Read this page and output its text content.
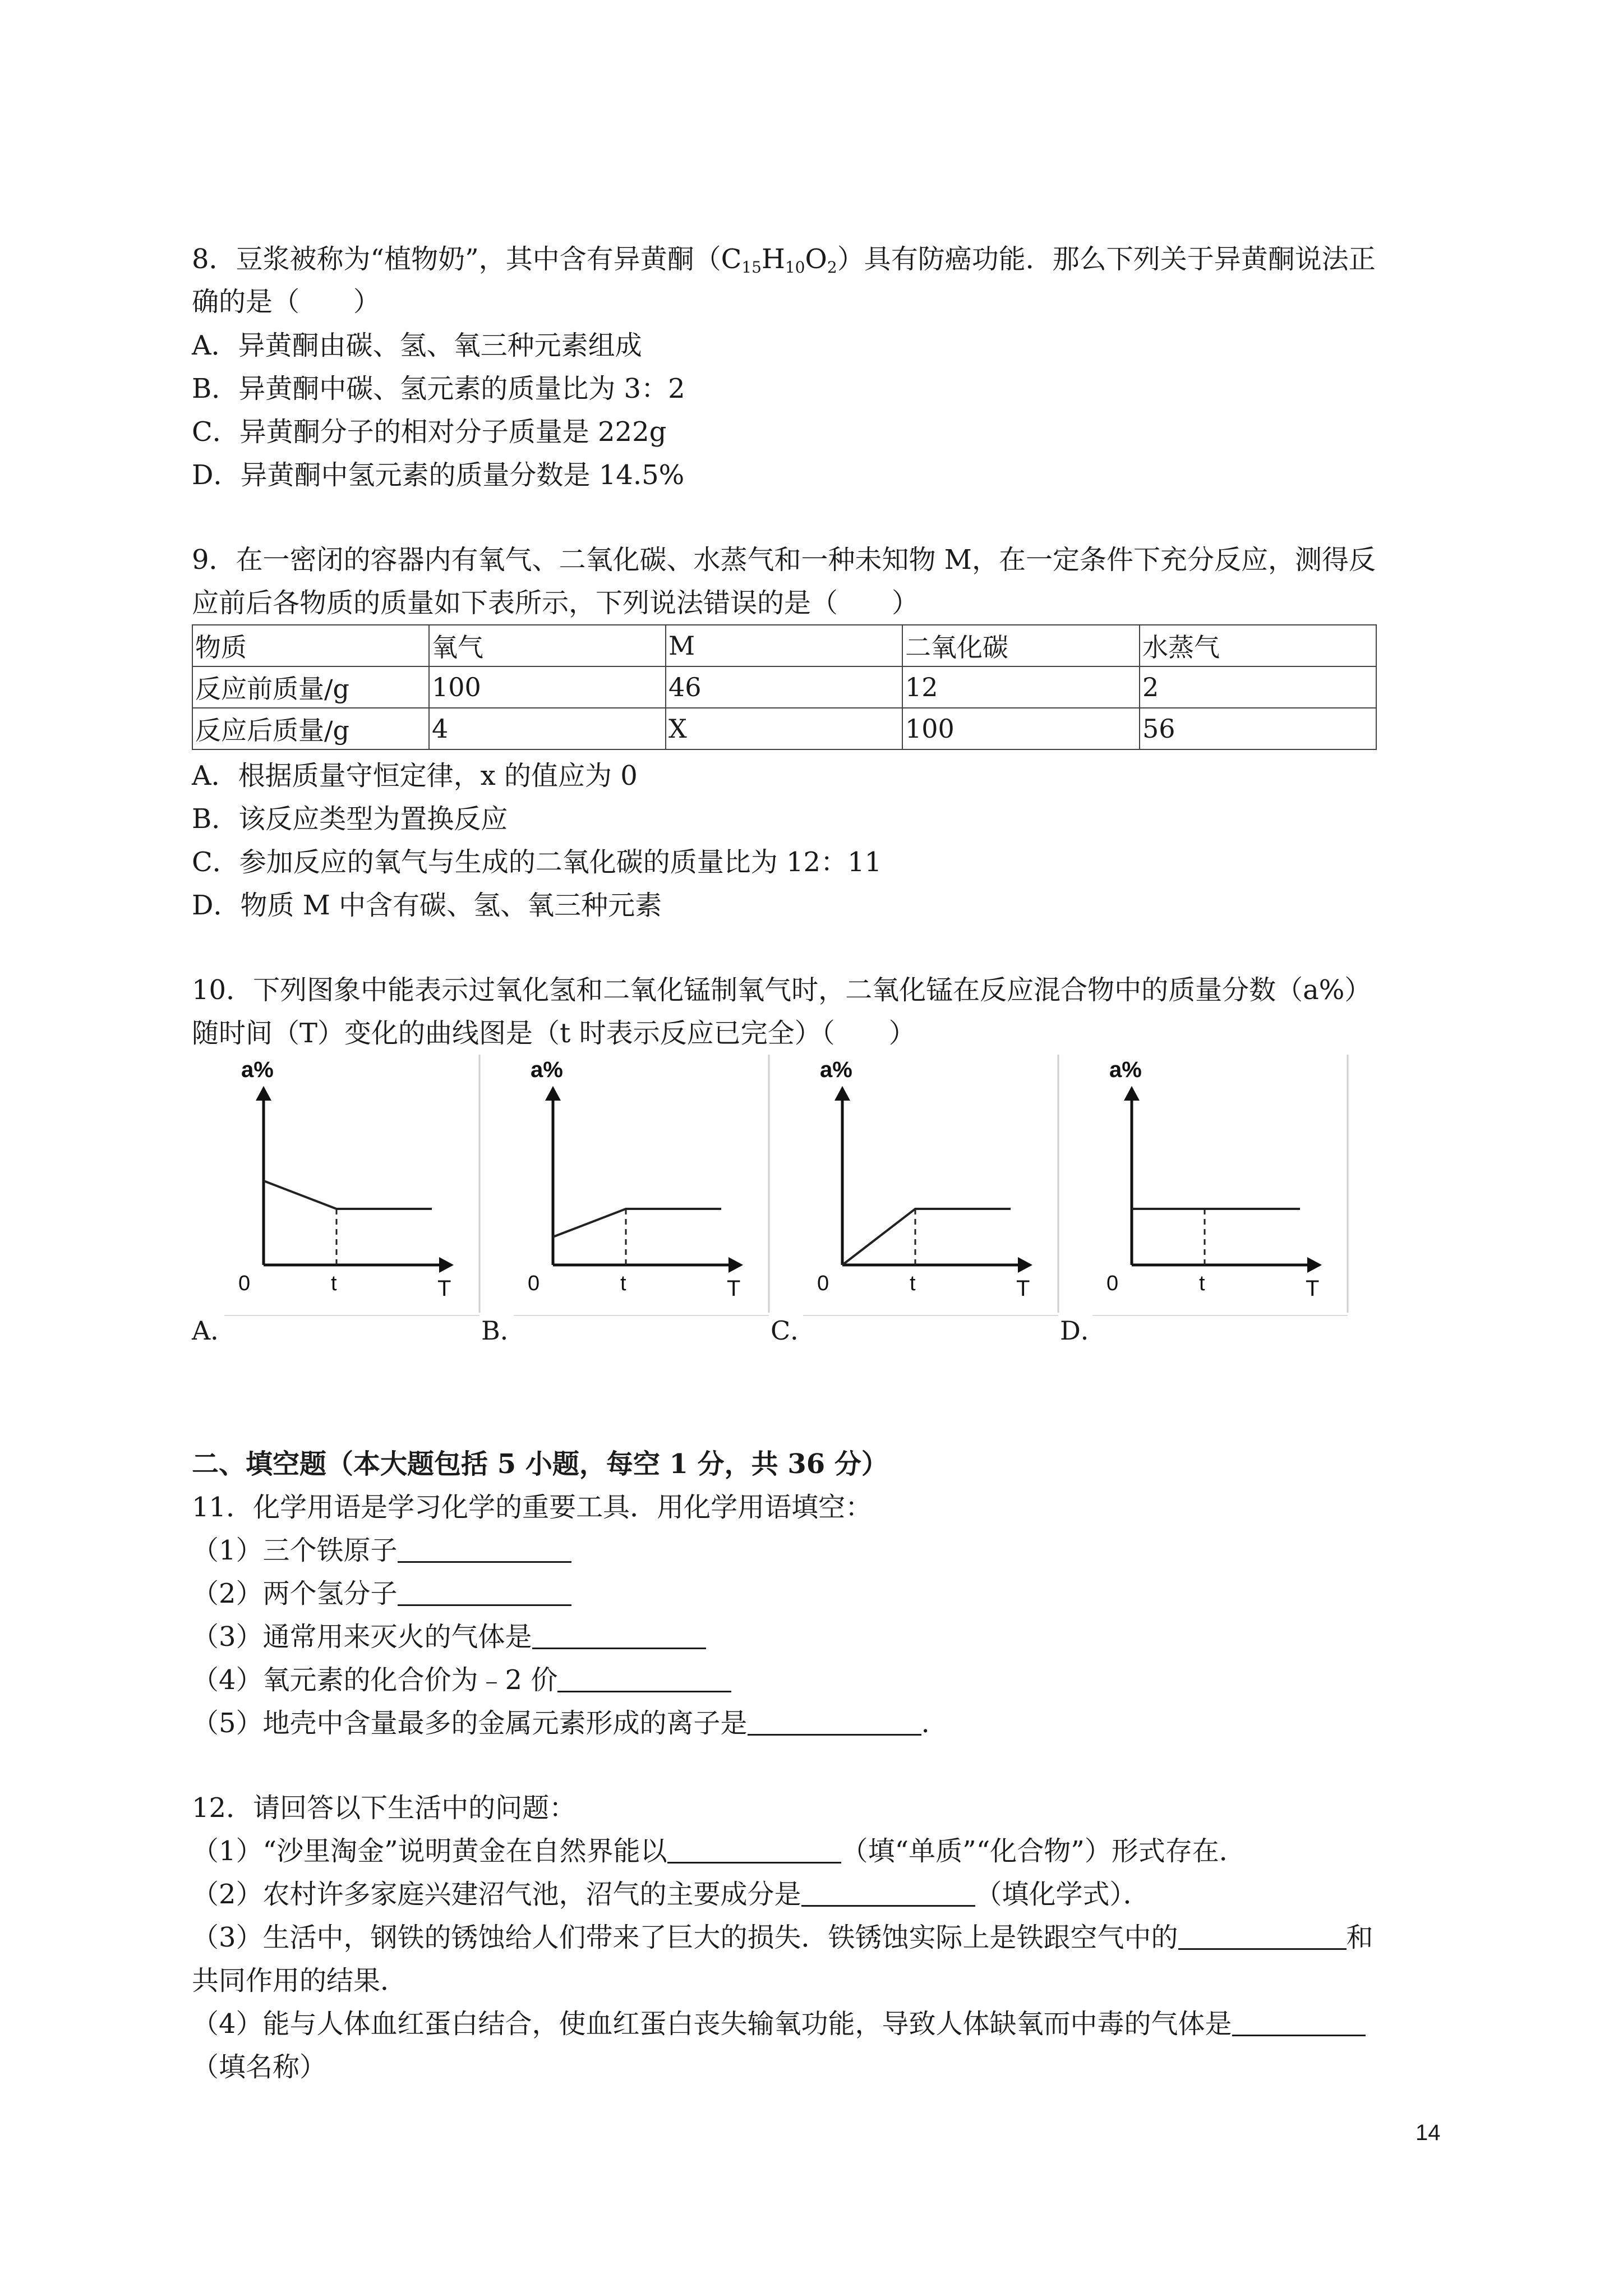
8．豆浆被称为“植物奶”，其中含有异黄酮$(C_{15}H_{10}O_2)$具有防癌功能．那么下列关于异黄酮说法正
确的是（　　）
A．异黄酮由碳、氢、氧三种元素组成
B．异黄酮中碳、氢元素的质量比为 3：2
C．异黄酮分子的相对分子质量是 222g
D．异黄酮中氢元素的质量分数是 14.5%
9．在一密闭的容器内有氧气、二氧化碳、水蒸气和一种未知物 M，在一定条件下充分反应，测得反
应前后各物质的质量如下表所示，下列说法错误的是（　　）
物质	氧气	M	二氧化碳	水蒸气
反应前质量/g	100	46	12	2
反应后质量/g	4	X	100	56
A．根据质量守恒定律，x 的值应为 0
B．该反应类型为置换反应
C．参加反应的氧气与生成的二氧化碳的质量比为 12：11
D．物质 M 中含有碳、氢、氧三种元素
10．下列图象中能表示过氧化氢和二氧化锰制氧气时，二氧化锰在反应混合物中的质量分数（a%）
随时间（T）变化的曲线图是（t 时表示反应已完全）（　　）
a%
0	t	T
a%
0	t	T
a%
0	t	T
a%
0	t	T
A．	B．	C．	D．
二、填空题（本大题包括 5 小题，每空 1 分，共 36 分）
11．化学用语是学习化学的重要工具．用化学用语填空：
（1）三个铁原子
（2）两个氢分子
（3）通常用来灭火的气体是
（4）氧元素的化合价为﹣2 价
（5）地壳中含量最多的金属元素形成的离子是	.
12．请回答以下生活中的问题：
（1）“沙里淘金”说明黄金在自然界能以	（填“单质”“化合物”）形式存在．
（2）农村许多家庭兴建沼气池，沼气的主要成分是	（填化学式）．
（3）生活中，钢铁的锈蚀给人们带来了巨大的损失．铁锈蚀实际上是铁跟空气中的	和
共同作用的结果．
（4）能与人体血红蛋白结合，使血红蛋白丧失输氧功能，导致人体缺氧而中毒的气体是
（填名称）
14
